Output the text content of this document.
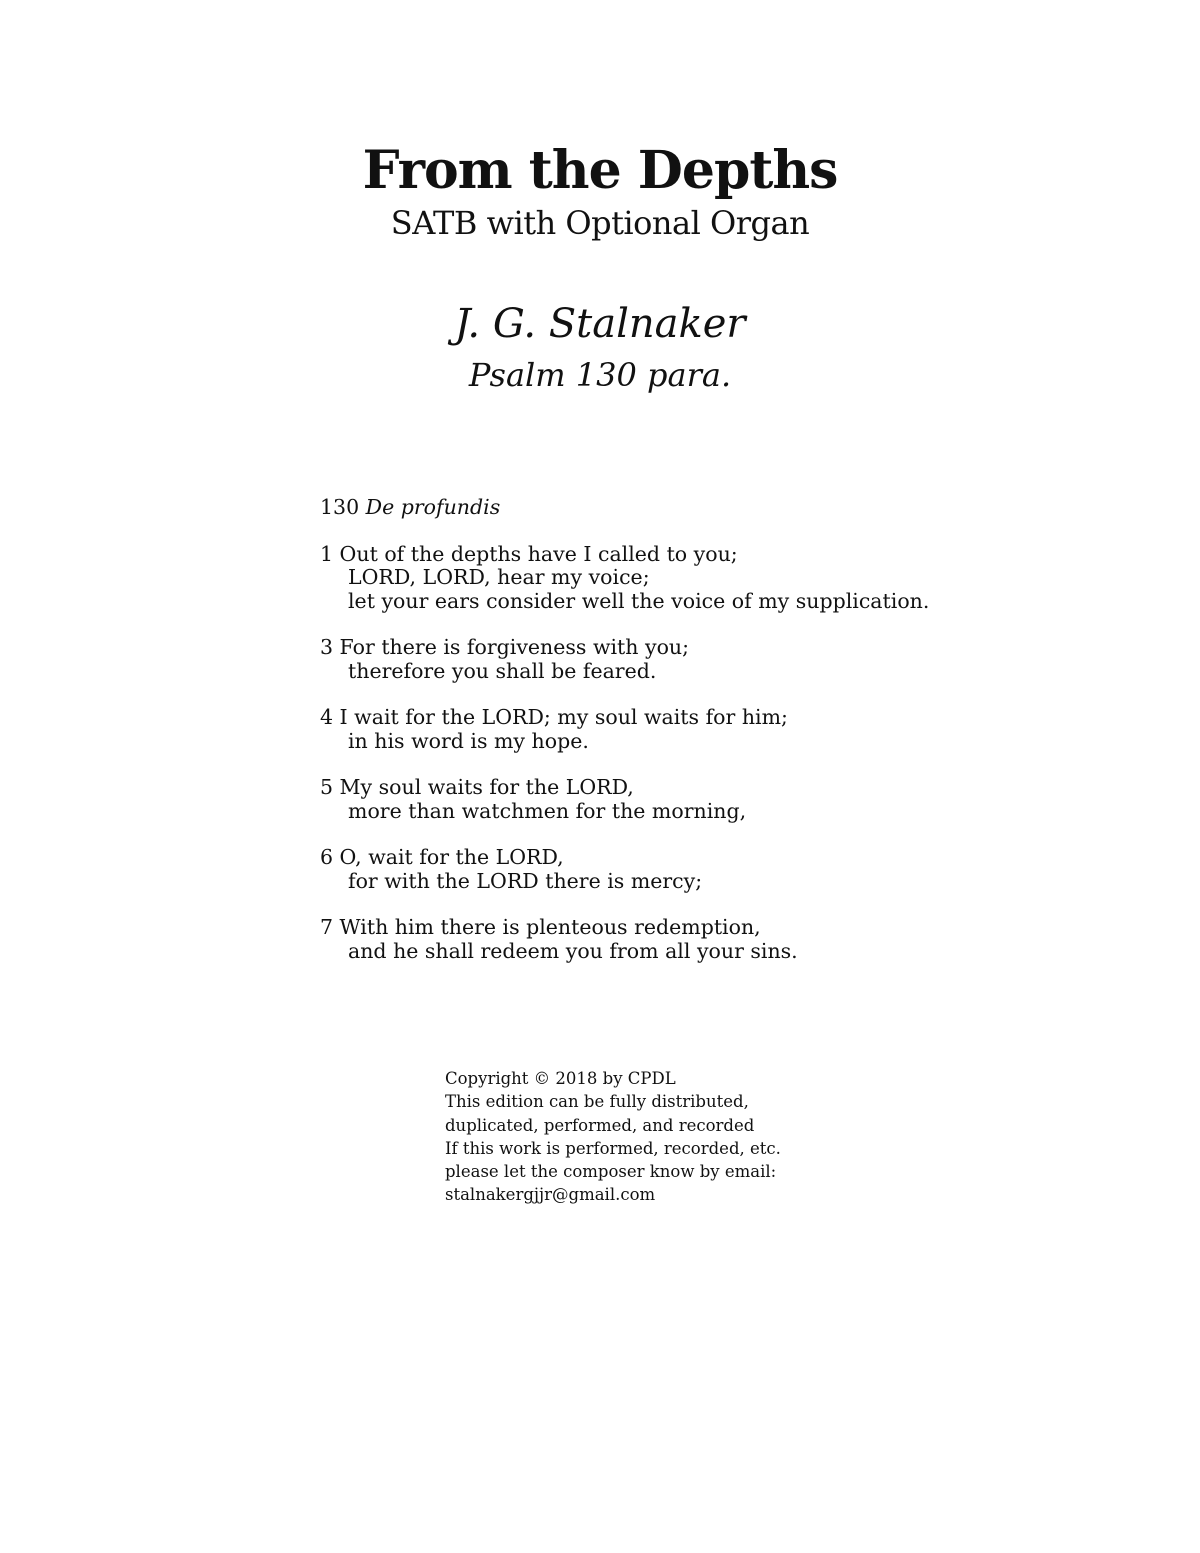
From the Depths
SATB with Optional Organ
J. G. Stalnaker
Psalm 130 para.
130 De profundis
1 Out of the depths have I called to you;
LORD, LORD, hear my voice;
let your ears consider well the voice of my supplication.
3 For there is forgiveness with you;
therefore you shall be feared.
4 I wait for the LORD; my soul waits for him;
in his word is my hope.
5 My soul waits for the LORD,
more than watchmen for the morning,
6 O, wait for the LORD,
for with the LORD there is mercy;
7 With him there is plenteous redemption,
and he shall redeem you from all your sins.
Copyright © 2018 by CPDL
This edition can be fully distributed,
duplicated, performed, and recorded
If this work is performed, recorded, etc.
please let the composer know by email:
stalnakergjjr@gmail.com
